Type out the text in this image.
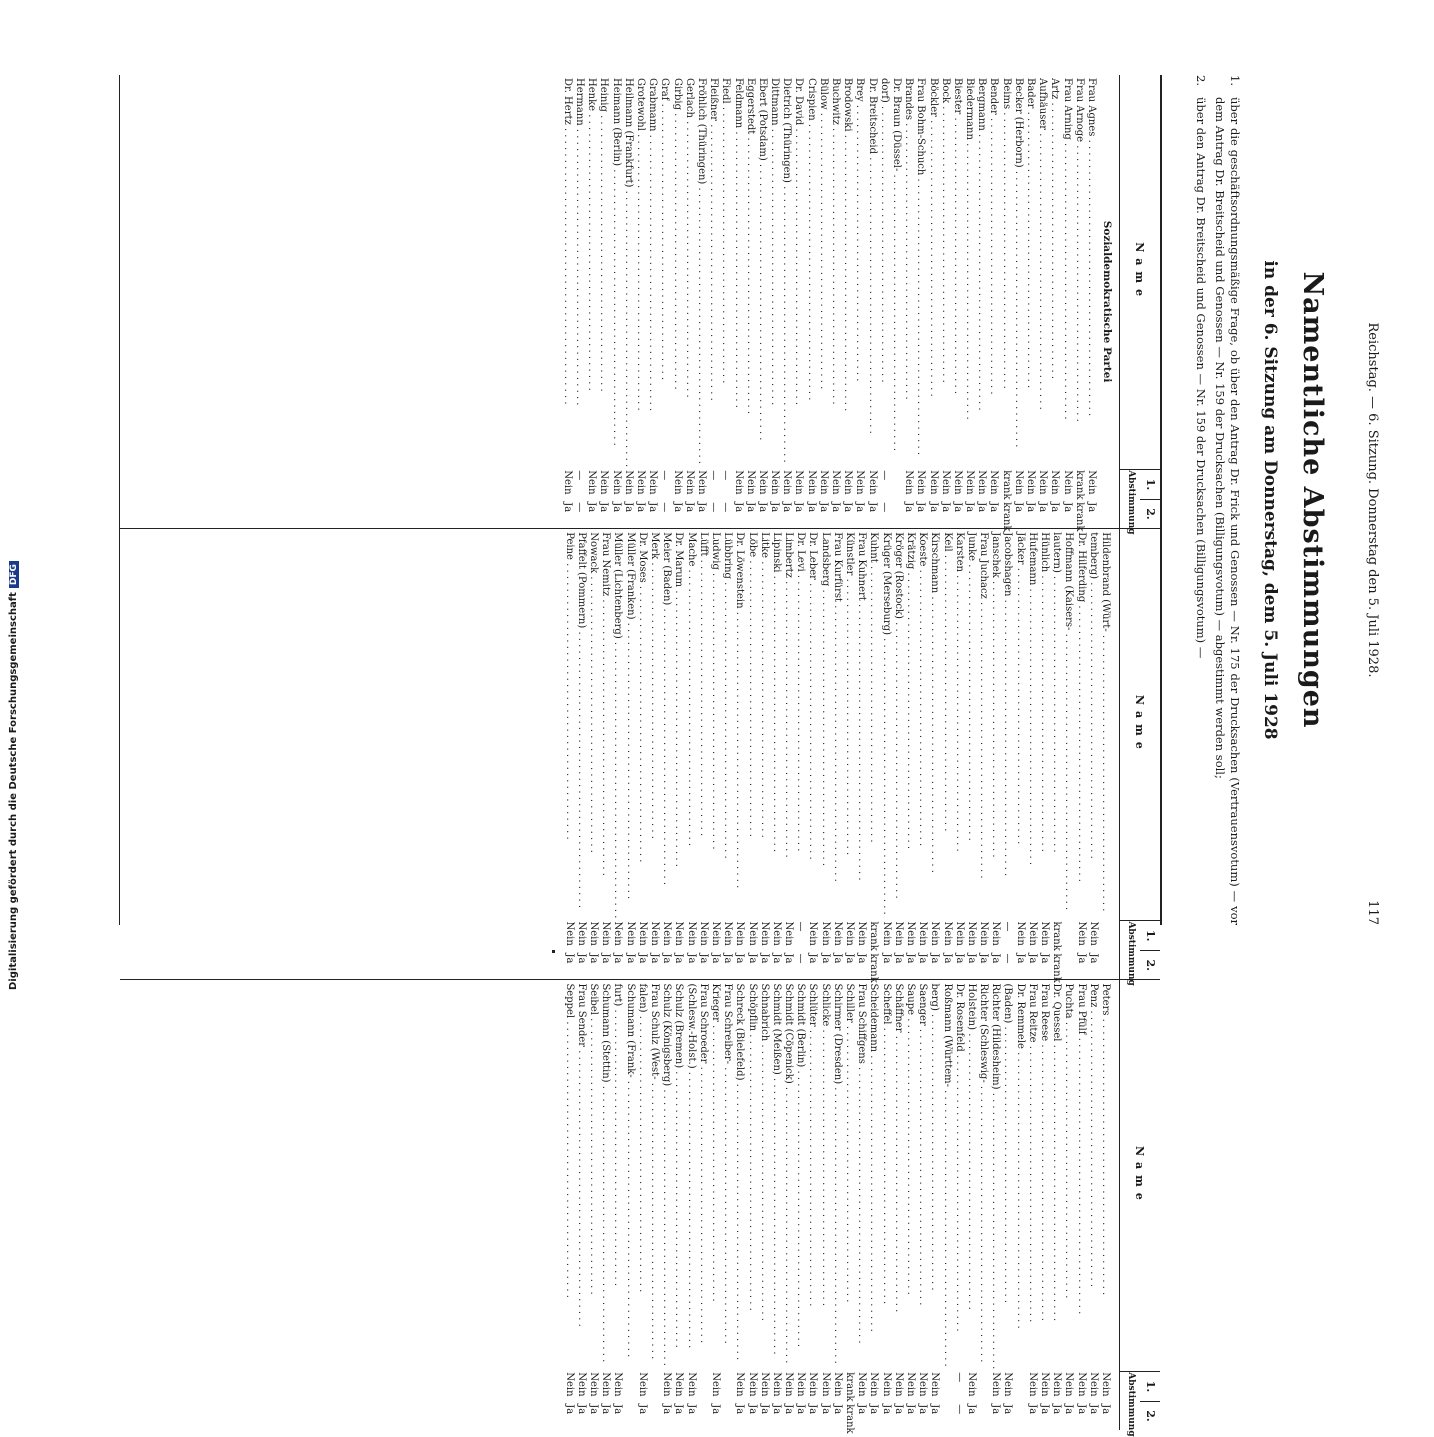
Digitalisierung gefördert durch die Deutsche ForschungsgemeinschaftDFG	Reichstag. — 6. Sitzung. Donnerstag den 5. Juli 1928.
117
Namentliche Abstimmungen
in der 6. Sitzung am Donnerstag, dem 5. Juli 1928
1.
über die geschäftsordnungsmäßige Frage, ob über den Antrag Dr. Frick und Genossen — Nr. 175 der Drucksachen (Vertrauensvotum) — vor dem Antrag Dr. Breitscheid und Genossen — Nr. 159 der Drucksachen (Billigungsvotum) — abgestimmt werden soll;
2.
über den Antrag Dr. Breitscheid und Genossen — Nr. 159 der Drucksachen (Billigungsvotum) —
Name
1.
2.
Abstimmung
Sozialdemokratische Partei
Frau Agnes . . .
Nein
Ja
Frau Arnoge . . .
krank
krank
Frau Arning . . .
Nein
Ja
Artz . . .
Nein
Ja
Aufhäuser . . .
Nein
Ja
Bader . . .
Nein
Ja
Becker (Herborn) . . .
Nein
Ja
Beims . . .
krank
krank
Bender . . .
Nein
Ja
Bergmann . . .
Nein
Ja
Biedermann . . .
Nein
Ja
Biester . . .
Nein
Ja
Bock . . .
Nein
Ja
Böckler . . .
Nein
Ja
Frau Bohm-Schuch . . .
Nein
Ja
Brandes . . .
Nein
Ja
Dr. Braun (Düssel- . . .
dorf) . . .
—
—
Dr. Breitscheid . . .
Nein
Ja
Brey . . .
Nein
Ja
Brodowski . . .
Nein
Ja
Buchwitz . . .
Nein
Ja
Bülow . . .
Nein
Ja
Crispien . . .
Nein
Ja
Dr. David . . .
Nein
Ja
Dietrich (Thüringen) . . .
Nein
Ja
Dittmann . . .
Nein
Ja
Ebert (Potsdam) . . .
Nein
Ja
Eggerstedt . . .
Nein
Ja
Feldmann . . .
Nein
Ja
Fiedl . . .
—
—
Fleißner . . .
—
—
Fröhlich (Thüringen) . . .
Nein
Ja
Gerlach . . .
Nein
Ja
Girbig . . .
Nein
Ja
Graf . . .
—
—
Grabmann . . .
Nein
Ja
Grotewohl . . .
Nein
Ja
Heilmann (Frankfurt) . . .
Nein
Ja
Heimann (Berlin) . . .
Nein
Ja
Heinig . . .
Nein
Ja
Henke . . .
Nein
Ja
Hermann . . .
—
—
Dr. Hertz . . .
Nein
Ja
Name
1.
2.
Abstimmung
Hildenbrand (Würt- . . .
temberg) . . .
Nein
Ja
Dr. Hilferding . . .
Nein
Ja
Hoffmann (Kaisers- . . .
lautern) . . .
krank
krank
Hünlich . . .
Nein
Ja
Hufemann . . .
Nein
Ja
Jäcker . . .
Nein
Ja
Jacobshagen . . .
—
—
Janschek . . .
Nein
Ja
Frau Juchacz . . .
Nein
Ja
Junke . . .
Nein
Ja
Karsten . . .
Nein
Ja
Keil . . .
Nein
Ja
Kirschmann . . .
Nein
Ja
Koeste . . .
Nein
Ja
Krätzig . . .
Nein
Ja
Kröger (Rostock) . . .
Nein
Ja
Krüger (Merseburg) . . .
Nein
Ja
Kuhnt . . .
krank
krank
Frau Kuhnert . . .
Nein
Ja
Künstler . . .
Nein
Ja
Frau Kurfürst . . .
Nein
Ja
Landsberg . . .
Nein
Ja
Dr. Leber . . .
Nein
Ja
Dr. Levi . . .
—
—
Limbertz . . .
Nein
Ja
Lipinski . . .
Nein
Ja
Litke . . .
Nein
Ja
Löbe . . .
Nein
Ja
Dr. Löwenstein . . .
Nein
Ja
Lübbring . . .
Nein
Ja
Ludwig . . .
Nein
Ja
Lüfft . . .
Nein
Ja
Mache . . .
Nein
Ja
Dr. Marum . . .
Nein
Ja
Meier (Baden) . . .
Nein
Ja
Merk . . .
Nein
Ja
Dr. Moses . . .
Nein
Ja
Müller (Franken) . . .
Nein
Ja
Müller (Lichtenberg) . . .
Nein
Ja
Frau Nemitz . . .
Nein
Ja
Nowack . . .
Nein
Ja
Pfaffelt (Pommern) . . .
Nein
Ja
Peine . . .
Nein
Ja
Name
1.
2.
Abstimmung
Peters . . .
Nein
Ja
Penz . . .
Nein
Ja
Frau Pfülf . . .
Nein
Ja
Puchta . . .
Nein
Ja
Dr. Quessel . . .
Nein
Ja
Frau Reese . . .
Nein
Ja
Frau Reitze . . .
Nein
Ja
Dr. Remmele . . .
(Baden) . . .
Nein
Ja
Richter (Hildesheim) . . .
Nein
Ja
Richter (Schleswig- . . .
Holstein) . . .
Nein
Ja
Dr. Rosenfeld . . .
—
—
Roßmann (Württem- . . .
berg) . . .
Nein
Ja
Saenger . . .
Nein
Ja
Saupe . . .
Nein
Ja
Schäffner . . .
Nein
Ja
Scheffel . . .
Nein
Ja
Scheidemann . . .
Nein
Ja
Frau Schiffgens . . .
Nein
Ja
Schiller . . .
krank
krank
Schirmer (Dresden) . . .
Nein
Ja
Schlicke . . .
Nein
Ja
Schlüter . . .
Nein
Ja
Schmidt (Berlin) . . .
Nein
Ja
Schmidt (Cöpenick) . . .
Nein
Ja
Schmidt (Meißen) . . .
Nein
Ja
Schnabrich . . .
Nein
Ja
Schöpflin . . .
Nein
Ja
Schreck (Bielefeld) . . .
Nein
Ja
Frau Schreiber- . . .
Krieger . . .
Nein
Ja
Frau Schroeder . . .
(Schlesw.-Holst.) . . .
Nein
Ja
Schulz (Bremen) . . .
Nein
Ja
Schulz (Königsberg) . . .
Nein
Ja
Frau Schulz (West- . . .
falen) . . .
Nein
Ja
Schumann (Frank- . . .
furt) . . .
Nein
Ja
Schumann (Stettin) . . .
Nein
Ja
Seibel . . .
Nein
Ja
Frau Sender . . .
Nein
Ja
Seppel . . .
Nein
Ja
